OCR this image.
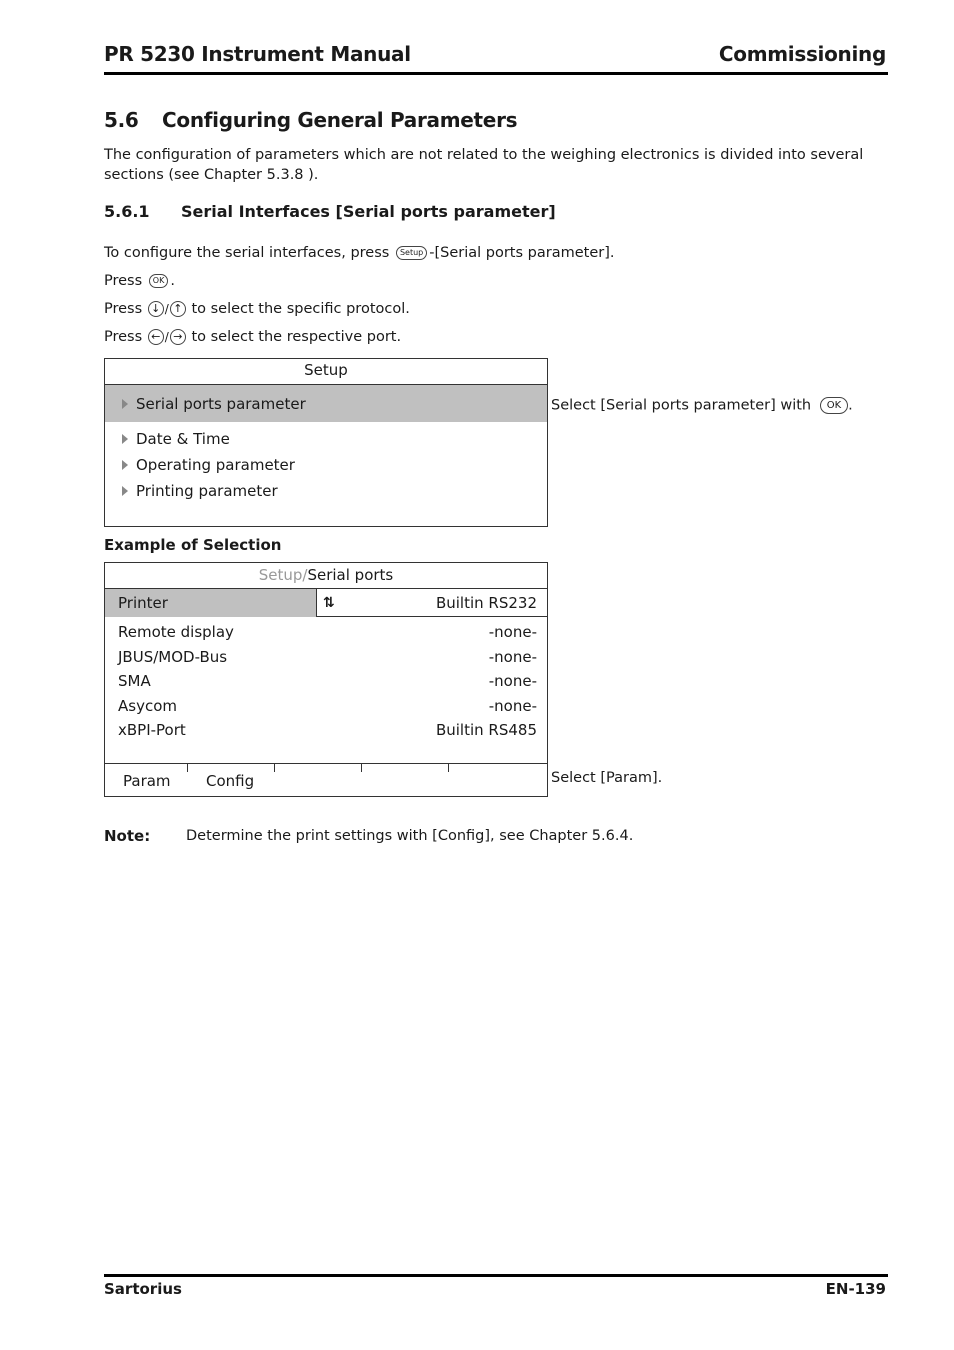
PR 5230 Instrument Manual	Commissioning
5.6 Configuring General Parameters
The configuration of parameters which are not related to the weighing electronics is divided into several sections (see Chapter 5.3.8 ).
5.6.1 Serial Interfaces [Serial ports parameter]
To configure the serial interfaces, press Setup -[Serial ports parameter].
Press OK .
Press ↓ / ↑ to select the specific protocol.
Press ← / → to select the respective port.
Setup
Serial ports parameter
Date & Time
Operating parameter
Printing parameter
Select [Serial ports parameter] with OK .
Example of Selection
Setup/Serial ports
Printer	⇅	Builtin RS232
Remote display	-none-
JBUS/MOD-Bus	-none-
SMA	-none-
Asycom	-none-
xBPI-Port	Builtin RS485
Param Config	Select [Param].
Note: Determine the print settings with [Config], see Chapter 5.6.4.
Sartorius	EN-139
